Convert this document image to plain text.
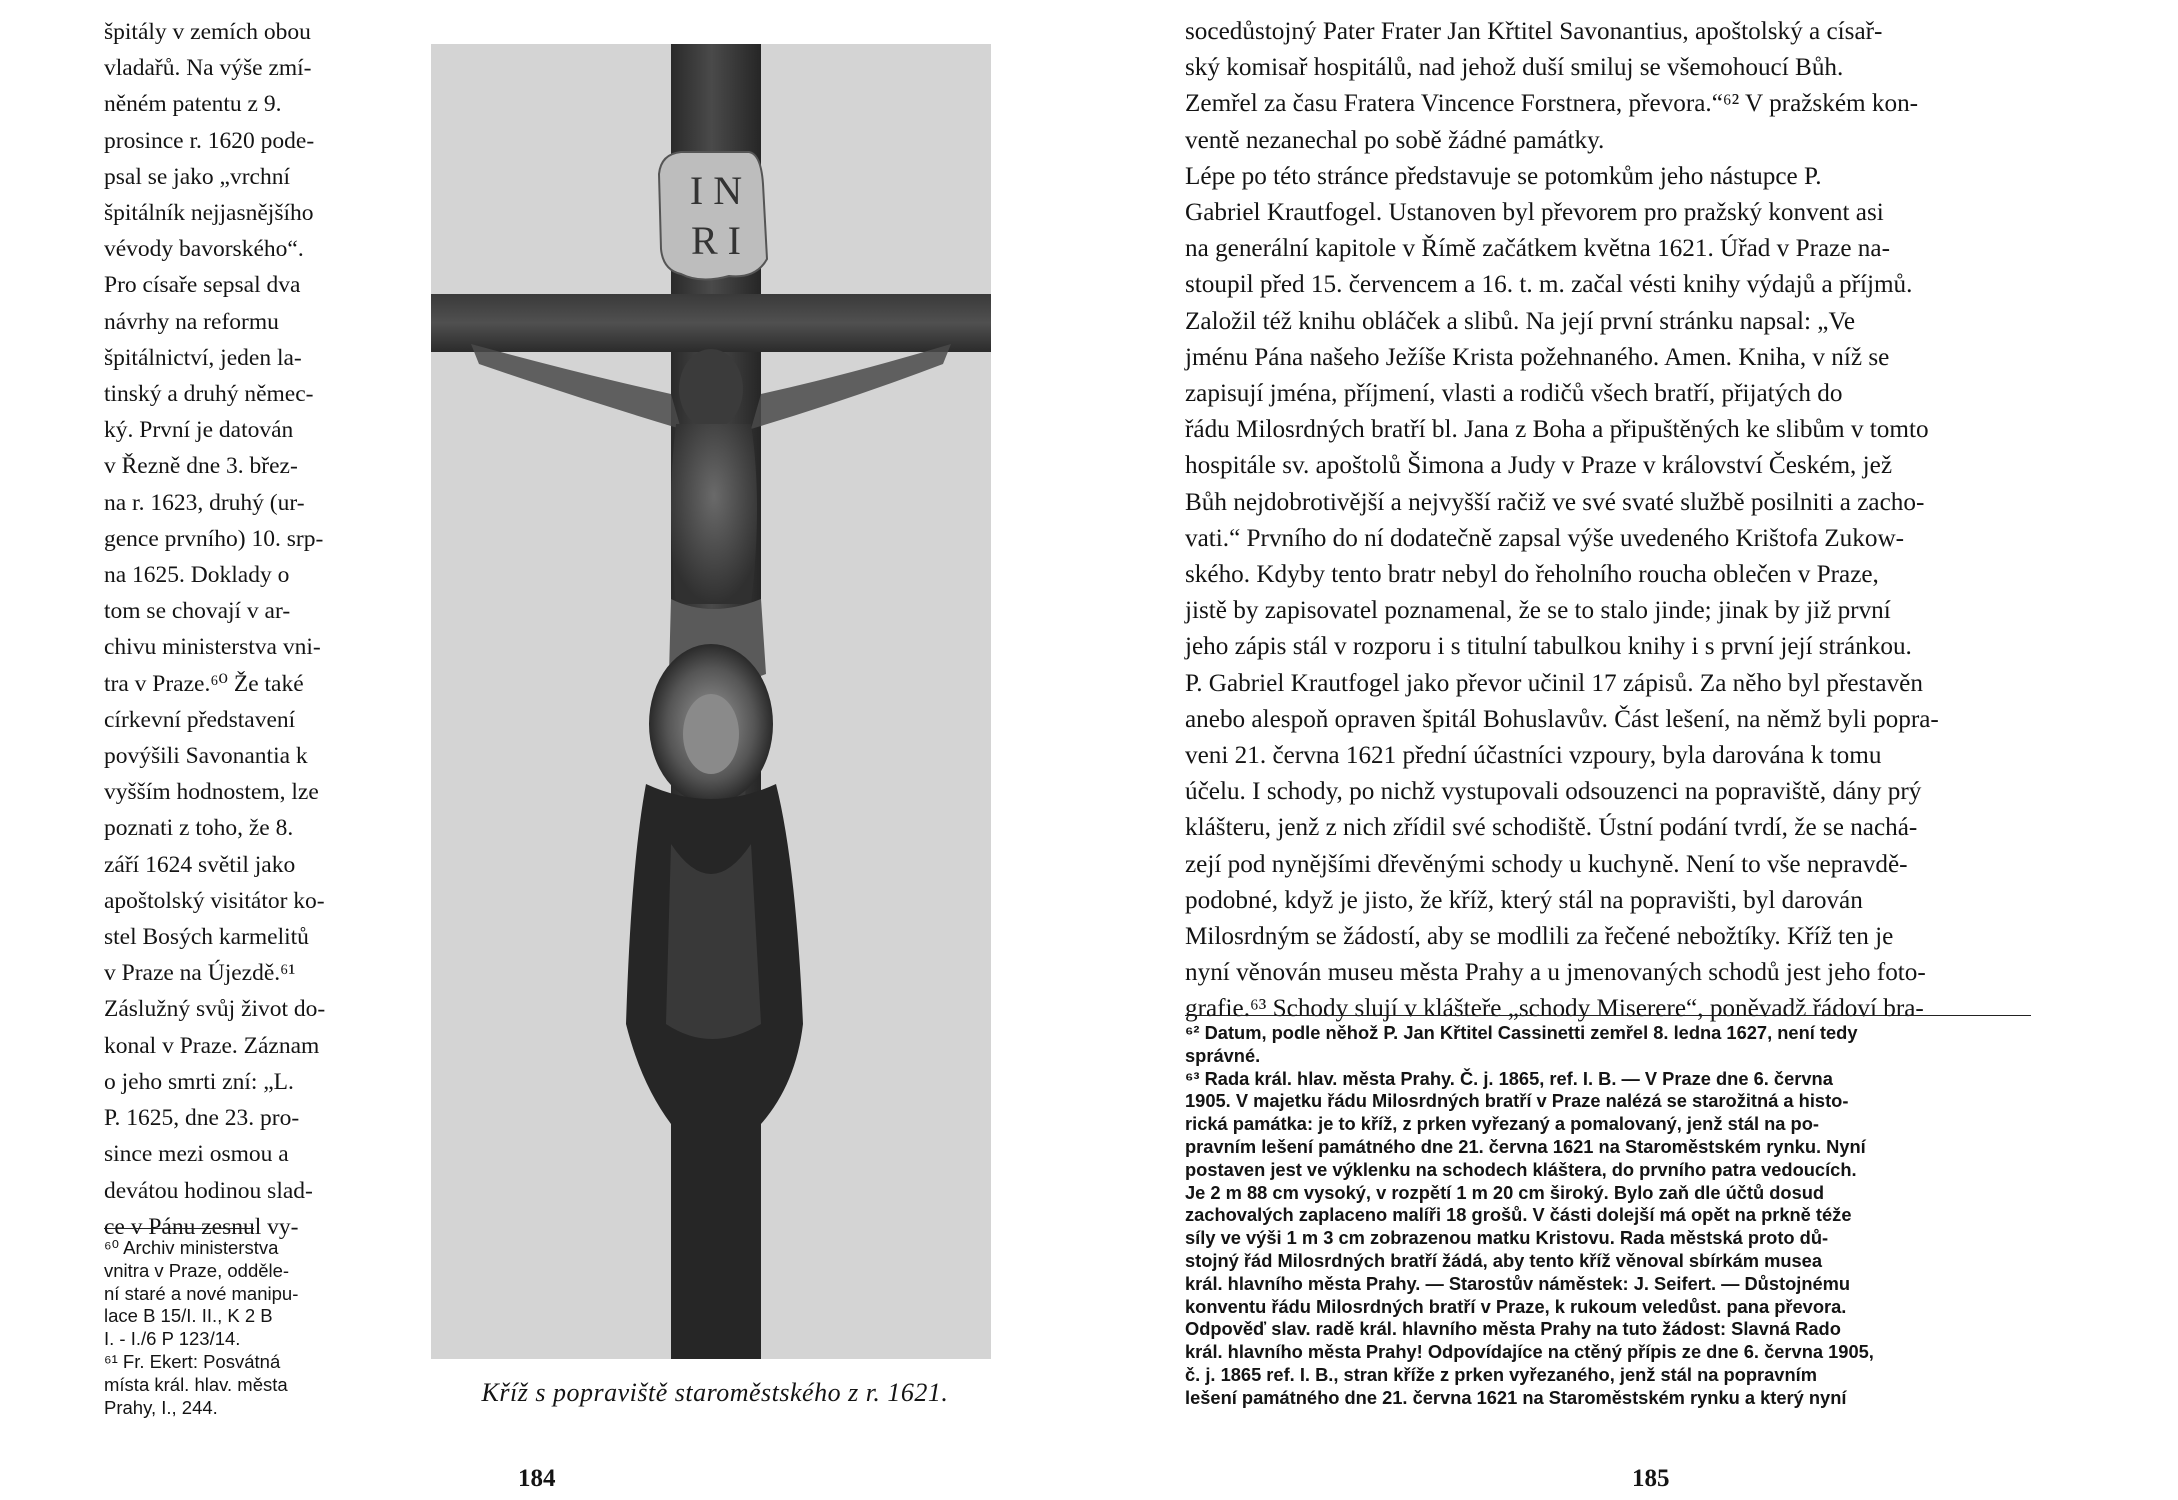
špitály v zemích obou
vladařů. Na výše zmí-
něném patentu z 9.
prosince r. 1620 pode-
psal se jako „vrchní
špitálník nejjasnějšího
vévody bavorského“.
Pro císaře sepsal dva
návrhy na reformu
špitálnictví, jeden la-
tinský a druhý němec-
ký. První je datován
v Řezně dne 3. břez-
na r. 1623, druhý (ur-
gence prvního) 10. srp-
na 1625. Doklady o
tom se chovají v ar-
chivu ministerstva vni-
tra v Praze.⁶⁰ Že také
církevní představení
povýšili Savonantia k
vyšším hodnostem, lze
poznati z toho, že 8.
září 1624 světil jako
apoštolský visitátor ko-
stel Bosých karmelitů
v Praze na Újezdě.⁶¹
Záslužný svůj život do-
konal v Praze. Záznam
o jeho smrti zní: „L.
P. 1625, dne 23. pro-
since mezi osmou a
devátou hodinou slad-
ce v Pánu zesnul vy-
⁶⁰ Archiv ministerstva
vnitra v Praze, odděle-
ní staré a nové manipu-
lace B 15/I. II., K 2 B
I. - I./6 P 123/14.
⁶¹ Fr. Ekert: Posvátná
místa král. hlav. města
Prahy, I., 244.
I N
R I
Kříž s popraviště staroměstského z r. 1621.
184
socedůstojný Pater Frater Jan Křtitel Savonantius, apoštolský a císař-
ský komisař hospitálů, nad jehož duší smiluj se všemohoucí Bůh.
Zemřel za času Fratera Vincence Forstnera, převora.“⁶² V pražském kon-
ventě nezanechal po sobě žádné památky.
Lépe po této stránce představuje se potomkům jeho nástupce P.
Gabriel Krautfogel. Ustanoven byl převorem pro pražský konvent asi
na generální kapitole v Římě začátkem května 1621. Úřad v Praze na-
stoupil před 15. červencem a 16. t. m. začal vésti knihy výdajů a příjmů.
Založil též knihu obláček a slibů. Na její první stránku napsal: „Ve
jménu Pána našeho Ježíše Krista požehnaného. Amen. Kniha, v níž se
zapisují jména, příjmení, vlasti a rodičů všech bratří, přijatých do
řádu Milosrdných bratří bl. Jana z Boha a připuštěných ke slibům v tomto
hospitále sv. apoštolů Šimona a Judy v Praze v království Českém, jež
Bůh nejdobrotivější a nejvyšší račiž ve své svaté službě posilniti a zacho-
vati.“ Prvního do ní dodatečně zapsal výše uvedeného Krištofa Zukow-
ského. Kdyby tento bratr nebyl do řeholního roucha oblečen v Praze,
jistě by zapisovatel poznamenal, že se to stalo jinde; jinak by již první
jeho zápis stál v rozporu i s titulní tabulkou knihy i s první její stránkou.
P. Gabriel Krautfogel jako převor učinil 17 zápisů. Za něho byl přestavěn
anebo alespoň opraven špitál Bohuslavův. Část lešení, na němž byli popra-
veni 21. června 1621 přední účastníci vzpoury, byla darována k tomu
účelu. I schody, po nichž vystupovali odsouzenci na popraviště, dány prý
klášteru, jenž z nich zřídil své schodiště. Ústní podání tvrdí, že se nachá-
zejí pod nynějšími dřevěnými schody u kuchyně. Není to vše nepravdě-
podobné, když je jisto, že kříž, který stál na popravišti, byl darován
Milosrdným se žádostí, aby se modlili za řečené nebožtíky. Kříž ten je
nyní věnován museu města Prahy a u jmenovaných schodů jest jeho foto-
grafie.⁶³ Schody slují v klášteře „schody Miserere“, poněvadž řádoví bra-
⁶² Datum, podle něhož P. Jan Křtitel Cassinetti zemřel 8. ledna 1627, není tedy
správné.
⁶³ Rada král. hlav. města Prahy. Č. j. 1865, ref. I. B. — V Praze dne 6. června
1905. V majetku řádu Milosrdných bratří v Praze nalézá se starožitná a histo-
rická památka: je to kříž, z prken vyřezaný a pomalovaný, jenž stál na po-
pravním lešení památného dne 21. června 1621 na Staroměstském rynku. Nyní
postaven jest ve výklenku na schodech kláštera, do prvního patra vedoucích.
Je 2 m 88 cm vysoký, v rozpětí 1 m 20 cm široký. Bylo zaň dle účtů dosud
zachovalých zaplaceno malíři 18 grošů. V části dolejší má opět na prkně téže
síly ve výši 1 m 3 cm zobrazenou matku Kristovu. Rada městská proto dů-
stojný řád Milosrdných bratří žádá, aby tento kříž věnoval sbírkám musea
král. hlavního města Prahy. — Starostův náměstek: J. Seifert. — Důstojnému
konventu řádu Milosrdných bratří v Praze, k rukoum veledůst. pana převora.
Odpověď slav. radě král. hlavního města Prahy na tuto žádost: Slavná Rado
král. hlavního města Prahy! Odpovídajíce na ctěný přípis ze dne 6. června 1905,
č. j. 1865 ref. I. B., stran kříže z prken vyřezaného, jenž stál na popravním
lešení památného dne 21. června 1621 na Staroměstském rynku a který nyní
185
